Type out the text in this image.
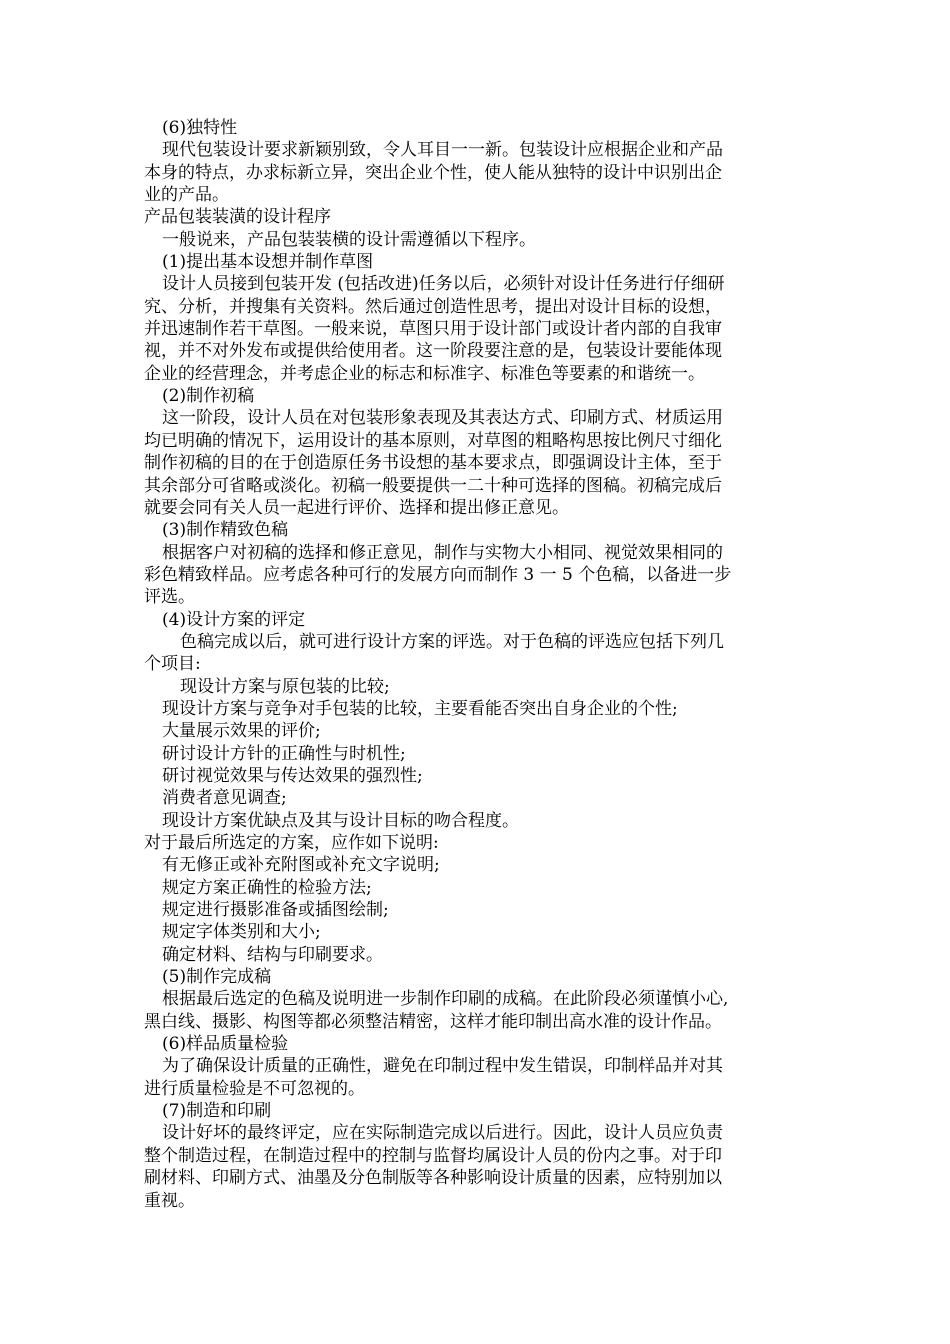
(6)独特性
现代包装设计要求新颖别致，令人耳目一一新。包装设计应根据企业和产品
本身的特点，办求标新立异，突出企业个性，使人能从独特的设计中识别出企
业的产品。
产品包装装潢的设计程序
一般说来，产品包装装横的设计需遵循以下程序。
(1)提出基本设想并制作草图
设计人员接到包装开发 (包括改进)任务以后，必须针对设计任务进行仔细研
究、分析，并搜集有关资料。然后通过创造性思考，提出对设计目标的设想，
并迅速制作若干草图。一般来说，草图只用于设计部门或设计者内部的自我审
视，并不对外发布或提供给使用者。这一阶段要注意的是，包装设计要能体现
企业的经营理念，并考虑企业的标志和标准字、标准色等要素的和谐统一。
(2)制作初稿
这一阶段，设计人员在对包装形象表现及其表达方式、印刷方式、材质运用
均已明确的情况下，运用设计的基本原则，对草图的粗略构思按比例尺寸细化
制作初稿的目的在于创造原任务书设想的基本要求点，即强调设计主体，至于
其余部分可省略或淡化。初稿一般要提供一二十种可选择的图稿。初稿完成后
就要会同有关人员一起进行评价、选择和提出修正意见。
(3)制作精致色稿
根据客户对初稿的选择和修正意见，制作与实物大小相同、视觉效果相同的
彩色精致样品。应考虑各种可行的发展方向而制作 3 一 5 个色稿，以备进一步
评选。
(4)设计方案的评定
色稿完成以后，就可进行设计方案的评选。对于色稿的评选应包括下列几
个项目:
现设计方案与原包装的比较;
现设计方案与竞争对手包装的比较，主要看能否突出自身企业的个性;
大量展示效果的评价;
研讨设计方针的正确性与时机性;
研讨视觉效果与传达效果的强烈性;
消费者意见调查;
现设计方案优缺点及其与设计目标的吻合程度。
对于最后所选定的方案，应作如下说明:
有无修正或补充附图或补充文字说明;
规定方案正确性的检验方法;
规定进行摄影准备或插图绘制;
规定字体类别和大小;
确定材料、结构与印刷要求。
(5)制作完成稿
根据最后选定的色稿及说明进一步制作印刷的成稿。在此阶段必须谨慎小心,
黑白线、摄影、构图等都必须整洁精密，这样才能印制出高水准的设计作品。
(6)样品质量检验
为了确保设计质量的正确性，避免在印制过程中发生错误，印制样品并对其
进行质量检验是不可忽视的。
(7)制造和印刷
设计好坏的最终评定，应在实际制造完成以后进行。因此，设计人员应负责
整个制造过程，在制造过程中的控制与监督均属设计人员的份内之事。对于印
刷材料、印刷方式、油墨及分色制版等各种影响设计质量的因素，应特别加以
重视。
